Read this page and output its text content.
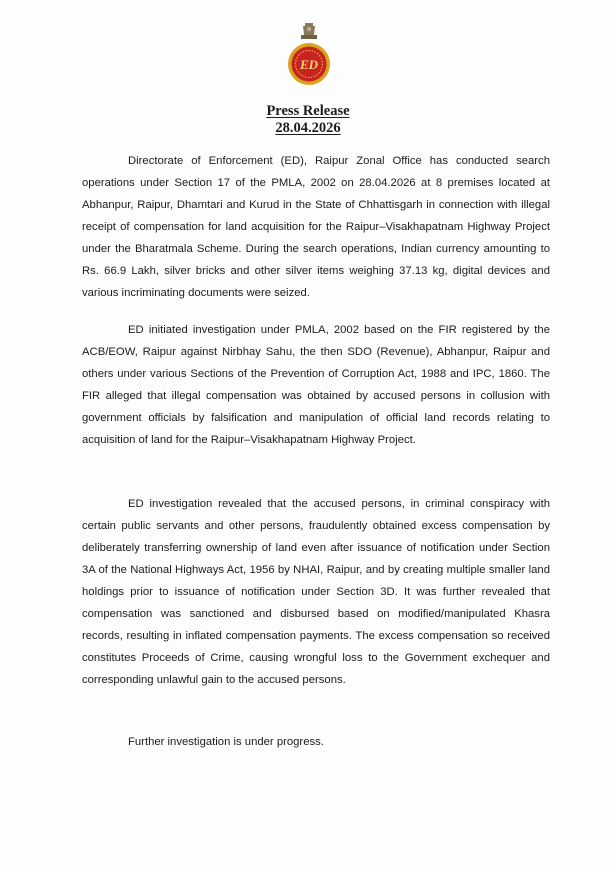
ED
Press Release
28.04.2026

Directorate of Enforcement (ED), Raipur Zonal Office has conducted search operations under Section 17 of the PMLA, 2002 on 28.04.2026 at 8 premises located at Abhanpur, Raipur, Dhamtari and Kurud in the State of Chhattisgarh in connection with illegal receipt of compensation for land acquisition for the Raipur–Visakhapatnam Highway Project under the Bharatmala Scheme. During the search operations, Indian currency amounting to Rs. 66.9 Lakh, silver bricks and other silver items weighing 37.13 kg, digital devices and various incriminating documents were seized.

ED initiated investigation under PMLA, 2002 based on the FIR registered by the ACB/EOW, Raipur against Nirbhay Sahu, the then SDO (Revenue), Abhanpur, Raipur and others under various Sections of the Prevention of Corruption Act, 1988 and IPC, 1860. The FIR alleged that illegal compensation was obtained by accused persons in collusion with government officials by falsification and manipulation of official land records relating to acquisition of land for the Raipur–Visakhapatnam Highway Project.

ED investigation revealed that the accused persons, in criminal conspiracy with certain public servants and other persons, fraudulently obtained excess compensation by deliberately transferring ownership of land even after issuance of notification under Section 3A of the National Highways Act, 1956 by NHAI, Raipur, and by creating multiple smaller land holdings prior to issuance of notification under Section 3D. It was further revealed that compensation was sanctioned and disbursed based on modified/manipulated Khasra records, resulting in inflated compensation payments. The excess compensation so received constitutes Proceeds of Crime, causing wrongful loss to the Government exchequer and corresponding unlawful gain to the accused persons.

Further investigation is under progress.
